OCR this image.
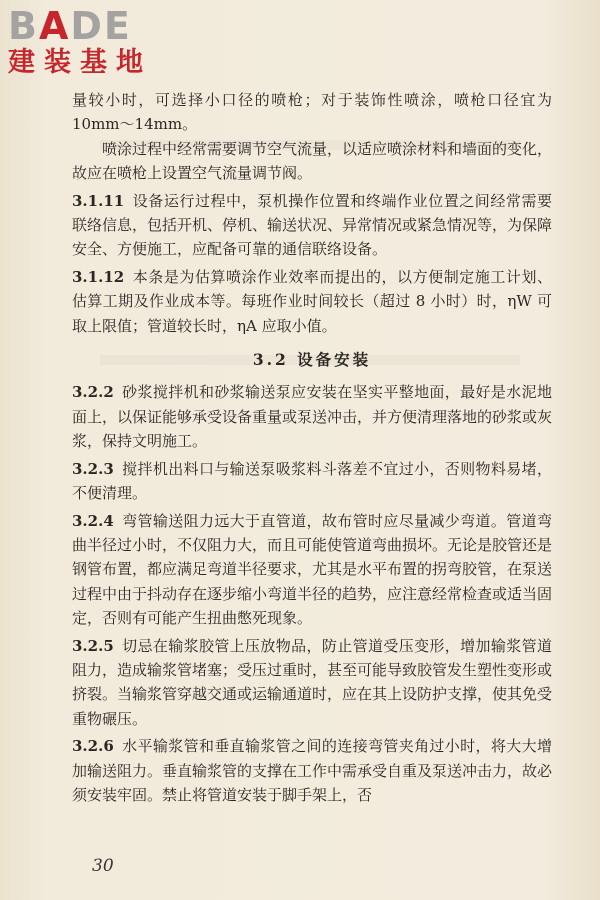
BADE
建装基地

量较小时，可选择小口径的喷枪；对于装饰性喷涂，喷枪口径宜为 10mm～14mm。

喷涂过程中经常需要调节空气流量，以适应喷涂材料和墙面的变化，故应在喷枪上设置空气流量调节阀。

3.1.11 设备运行过程中，泵机操作位置和终端作业位置之间经常需要联络信息，包括开机、停机、输送状况、异常情况或紧急情况等，为保障安全、方便施工，应配备可靠的通信联络设备。

3.1.12 本条是为估算喷涂作业效率而提出的，以方便制定施工计划、估算工期及作业成本等。每班作业时间较长（超过 8 小时）时，ηW 可取上限值；管道较长时，ηA 应取小值。

3.2 设备安装

3.2.2 砂浆搅拌机和砂浆输送泵应安装在坚实平整地面，最好是水泥地面上，以保证能够承受设备重量或泵送冲击，并方便清理落地的砂浆或灰浆，保持文明施工。

3.2.3 搅拌机出料口与输送泵吸浆料斗落差不宜过小，否则物料易堵，不便清理。

3.2.4 弯管输送阻力远大于直管道，故布管时应尽量减少弯道。管道弯曲半径过小时，不仅阻力大，而且可能使管道弯曲损坏。无论是胶管还是钢管布置，都应满足弯道半径要求，尤其是水平布置的拐弯胶管，在泵送过程中由于抖动存在逐步缩小弯道半径的趋势，应注意经常检查或适当固定，否则有可能产生扭曲憋死现象。

3.2.5 切忌在输浆胶管上压放物品，防止管道受压变形，增加输浆管道阻力，造成输浆管堵塞；受压过重时，甚至可能导致胶管发生塑性变形或挤裂。当输浆管穿越交通或运输通道时，应在其上设防护支撑，使其免受重物碾压。

3.2.6 水平输浆管和垂直输浆管之间的连接弯管夹角过小时，将大大增加输送阻力。垂直输浆管的支撑在工作中需承受自重及泵送冲击力，故必须安装牢固。禁止将管道安装于脚手架上，否

30
